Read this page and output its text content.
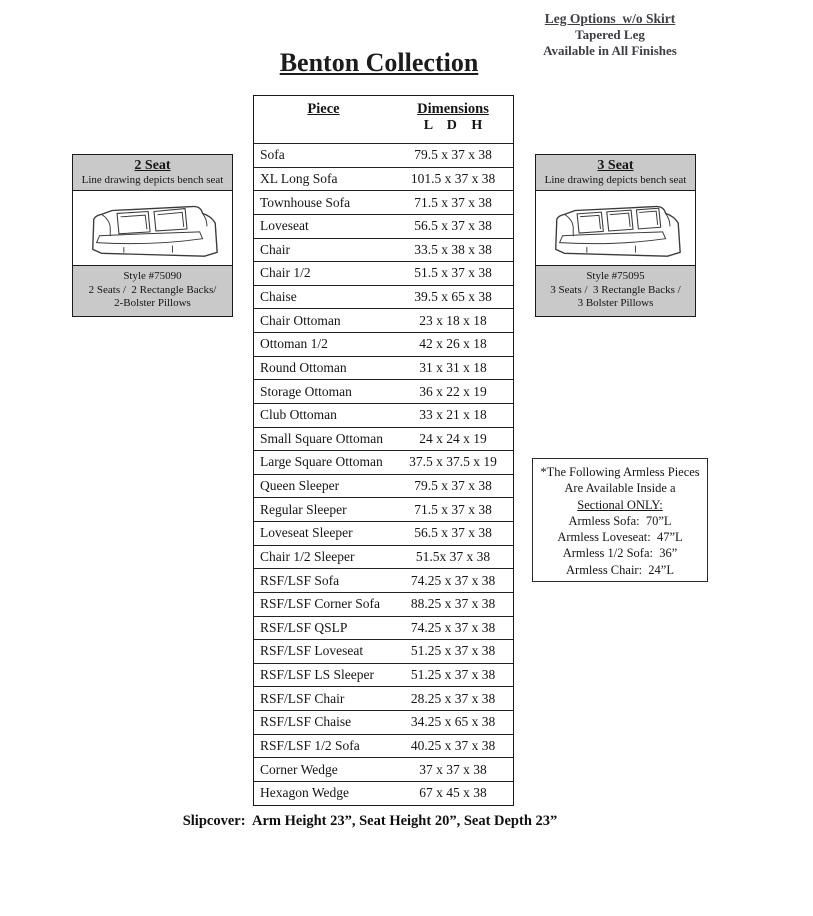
Benton Collection
Leg Options  w/o Skirt
Tapered Leg
Available in All Finishes
2 Seat
Line drawing depicts bench seat
Style #75090
2 Seats /  2 Rectangle Backs/
2-Bolster Pillows
3 Seat
Line drawing depicts bench seat
Style #75095
3 Seats /  3 Rectangle Backs /
3 Bolster Pillows
Piece	Dimensions
L D H
Sofa	79.5 x 37 x 38
XL Long Sofa	101.5 x 37 x 38
Townhouse Sofa	71.5 x 37 x 38
Loveseat	56.5 x 37 x 38
Chair	33.5 x 38 x 38
Chair 1/2	51.5 x 37 x 38
Chaise	39.5 x 65 x 38
Chair Ottoman	23 x 18 x 18
Ottoman 1/2	42 x 26 x 18
Round Ottoman	31 x 31 x 18
Storage Ottoman	36 x 22 x 19
Club Ottoman	33 x 21 x 18
Small Square Ottoman	24 x 24 x 19
Large Square Ottoman	37.5 x 37.5 x 19
Queen Sleeper	79.5 x 37 x 38
Regular Sleeper	71.5 x 37 x 38
Loveseat Sleeper	56.5 x 37 x 38
Chair 1/2 Sleeper	51.5x 37 x 38
RSF/LSF Sofa	74.25 x 37 x 38
RSF/LSF Corner Sofa	88.25 x 37 x 38
RSF/LSF QSLP	74.25 x 37 x 38
RSF/LSF Loveseat	51.25 x 37 x 38
RSF/LSF LS Sleeper	51.25 x 37 x 38
RSF/LSF Chair	28.25 x 37 x 38
RSF/LSF Chaise	34.25 x 65 x 38
RSF/LSF 1/2 Sofa	40.25 x 37 x 38
Corner Wedge	37 x 37 x 38
Hexagon Wedge	67 x 45 x 38
*The Following Armless Pieces
Are Available Inside a
Sectional ONLY:
Armless Sofa:  70”L
Armless Loveseat:  47”L
Armless 1/2 Sofa:  36”
Armless Chair:  24”L
Slipcover:  Arm Height 23”, Seat Height 20”, Seat Depth 23”
